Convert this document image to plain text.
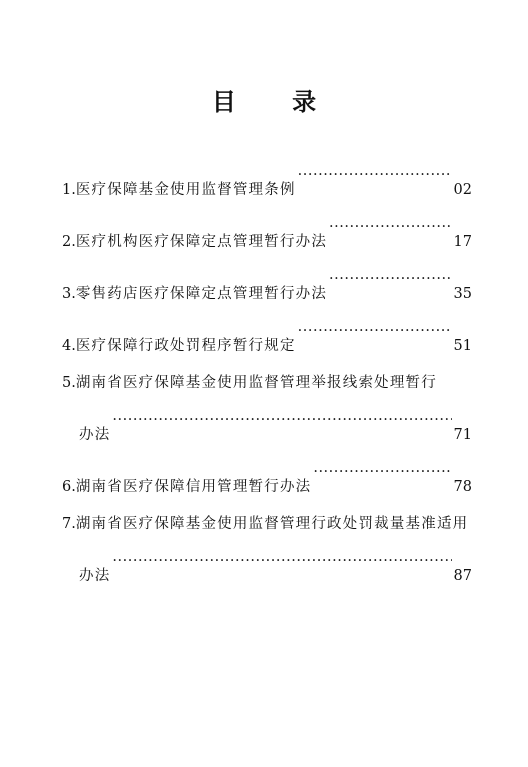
目 录
1. 医疗保障基金使用监督管理条例 ·····	02
2. 医疗机构医疗保障定点管理暂行办法 ·····	17
3. 零售药店医疗保障定点管理暂行办法 ·····	35
4. 医疗保障行政处罚程序暂行规定 ·····	51
5. 湖南省医疗保障基金使用监督管理举报线索处理暂行
办法 ·····	71
6. 湖南省医疗保障信用管理暂行办法 ·····	78
7. 湖南省医疗保障基金使用监督管理行政处罚裁量基准适用
办法 ·····	87
